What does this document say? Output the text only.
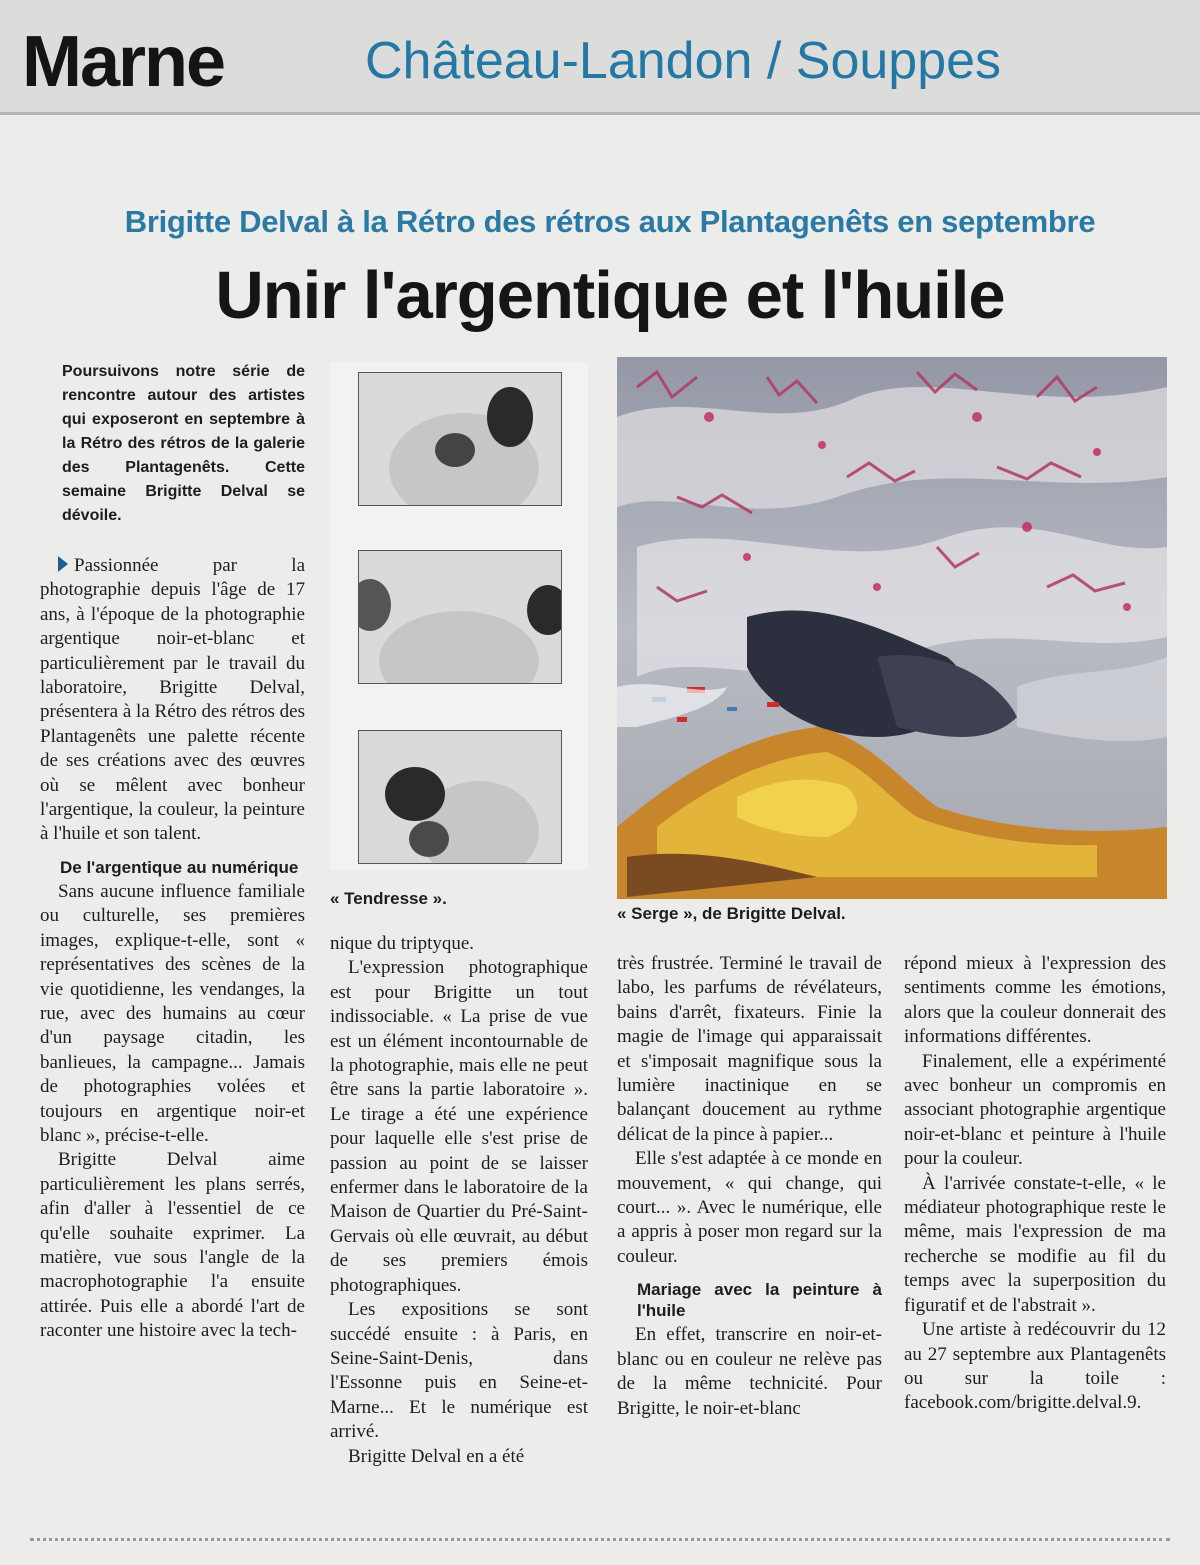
Marne	Château-Landon / Souppes
Brigitte Delval à la Rétro des rétros aux Plantagenêts en septembre
Unir l'argentique et l'huile
Poursuivons notre série de rencontre autour des artistes qui exposeront en septembre à la Rétro des rétros de la galerie des Plantagenêts. Cette semaine Brigitte Delval se dévoile.

Passionnée par la photographie depuis l'âge de 17 ans, à l'époque de la photographie argentique noir-et-blanc et particulièrement par le travail du laboratoire, Brigitte Delval, présentera à la Rétro des rétros des Plantagenêts une palette récente de ses créations avec des œuvres où se mêlent avec bonheur l'argentique, la couleur, la peinture à l'huile et son talent.

De l'argentique au numérique

Sans aucune influence familiale ou culturelle, ses premières images, explique-t-elle, sont « représentatives des scènes de la vie quotidienne, les vendanges, la rue, avec des humains au cœur d'un paysage citadin, les banlieues, la campagne... Jamais de photographies volées et toujours en argentique noir-et blanc », précise-t-elle.

Brigitte Delval aime particulièrement les plans serrés, afin d'aller à l'essentiel de ce qu'elle souhaite exprimer. La matière, vue sous l'angle de la macrophotographie l'a ensuite attirée. Puis elle a abordé l'art de raconter une histoire avec la tech-

« Tendresse ».
« Serge », de Brigitte Delval.

nique du triptyque.

L'expression photographique est pour Brigitte un tout indissociable. « La prise de vue est un élément incontournable de la photographie, mais elle ne peut être sans la partie laboratoire ». Le tirage a été une expérience pour laquelle elle s'est prise de passion au point de se laisser enfermer dans le laboratoire de la Maison de Quartier du Pré-Saint-Gervais où elle œuvrait, au début de ses premiers émois photographiques.

Les expositions se sont succédé ensuite : à Paris, en Seine-Saint-Denis, dans l'Essonne puis en Seine-et-Marne... Et le numérique est arrivé.

Brigitte Delval en a été

très frustrée. Terminé le travail de labo, les parfums de révélateurs, bains d'arrêt, fixateurs. Finie la magie de l'image qui apparaissait et s'imposait magnifique sous la lumière inactinique en se balançant doucement au rythme délicat de la pince à papier...

Elle s'est adaptée à ce monde en mouvement, « qui change, qui court... ». Avec le numérique, elle a appris à poser mon regard sur la couleur.

Mariage avec la peinture à l'huile

En effet, transcrire en noir-et-blanc ou en couleur ne relève pas de la même technicité. Pour Brigitte, le noir-et-blanc

répond mieux à l'expression des sentiments comme les émotions, alors que la couleur donnerait des informations différentes.

Finalement, elle a expérimenté avec bonheur un compromis en associant photographie argentique noir-et-blanc et peinture à l'huile pour la couleur.

À l'arrivée constate-t-elle, « le médiateur photographique reste le même, mais l'expression de ma recherche se modifie au fil du temps avec la superposition du figuratif et de l'abstrait ».

Une artiste à redécouvrir du 12 au 27 septembre aux Plantagenêts ou sur la toile : facebook.com/brigitte.delval.9.
